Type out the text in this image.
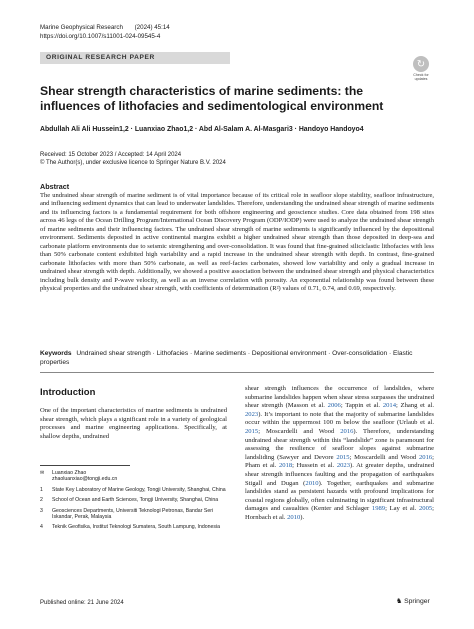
Marine Geophysical Research (2024) 45:14
https://doi.org/10.1007/s11001-024-09545-4
ORIGINAL RESEARCH PAPER
↻
Check for updates
Shear strength characteristics of marine sediments: the influences of lithofacies and sedimentological environment
Abdullah Ali Ali Hussein1,2 · Luanxiao Zhao1,2 · Abd Al-Salam A. Al-Masgari3 · Handoyo Handoyo4
Received: 15 October 2023 / Accepted: 14 April 2024
© The Author(s), under exclusive licence to Springer Nature B.V. 2024
Abstract
The undrained shear strength of marine sediment is of vital importance because of its critical role in seafloor slope stability, seafloor infrastructure, and influencing sediment dynamics that can lead to underwater landslides. Therefore, understanding the undrained shear strength of marine sediments and its influencing factors is a fundamental requirement for both offshore engineering and geoscience studies. Core data obtained from 198 sites across 46 legs of the Ocean Drilling Program/International Ocean Discovery Program (ODP/IODP) were used to analyze the undrained shear strength of marine sediments and their influencing factors. The undrained shear strength of marine sediments is significantly influenced by the depositional environment. Sediments deposited in active continental margins exhibit a higher undrained shear strength than those deposited in deep-sea and carbonate platform environments due to seismic strengthening and over-consolidation. It was found that fine-grained siliciclastic lithofacies with less than 50% carbonate content exhibited high variability and a rapid increase in the undrained shear strength with depth. In contrast, fine-grained carbonate lithofacies with more than 50% carbonate, as well as reef-facies carbonates, showed low variability and only a gradual increase in undrained shear strength with depth. Additionally, we showed a positive association between the undrained shear strength and physical characteristics including bulk density and P-wave velocity, as well as an inverse correlation with porosity. An exponential relationship was found between these physical properties and the undrained shear strength, with coefficients of determination (R²) values of 0.71, 0.74, and 0.69, respectively.
Keywords Undrained shear strength · Lithofacies · Marine sediments · Depositional environment · Over-consolidation · Elastic properties
Introduction
One of the important characteristics of marine sediments is undrained shear strength, which plays a significant role in a variety of geological processes and marine engineering applications. Specifically, at shallow depths, undrained
shear strength influences the occurrence of landslides, where submarine landslides happen when shear stress surpasses the undrained shear strength (Masson et al. 2006; Tappin et al. 2014; Zhang et al. 2023). It’s important to note that the majority of submarine landslides occur within the uppermost 100 m below the seafloor (Urlaub et al. 2015; Moscardelli and Wood 2016). Therefore, understanding undrained shear strength within this “landslide” zone is paramount for assessing the resilience of seafloor slopes against submarine landsliding (Sawyer and Devore 2015; Moscardelli and Wood 2016; Pham et al. 2018; Hussein et al. 2023). At greater depths, undrained shear strength influences faulting and the propagation of earthquakes Stigall and Dugan (2010). Together, earthquakes and submarine landslides stand as persistent hazards with profound implications for coastal regions globally, often culminating in significant infrastructural damages and casualties (Kenter and Schlager 1989; Lay et al. 2005; Hornbach et al. 2010).
✉	Luanxiao Zhao
zhaoluanxiao@tongji.edu.cn
1	State Key Laboratory of Marine Geology, Tongji University, Shanghai, China
2	School of Ocean and Earth Sciences, Tongji University, Shanghai, China
3	Geosciences Departments, Universiti Teknologi Petronas, Bandar Seri Iskandar, Perak, Malaysia
4	Teknik Geofisika, Institut Teknologi Sumatera, South Lampung, Indonesia
Published online: 21 June 2024	♞ Springer
